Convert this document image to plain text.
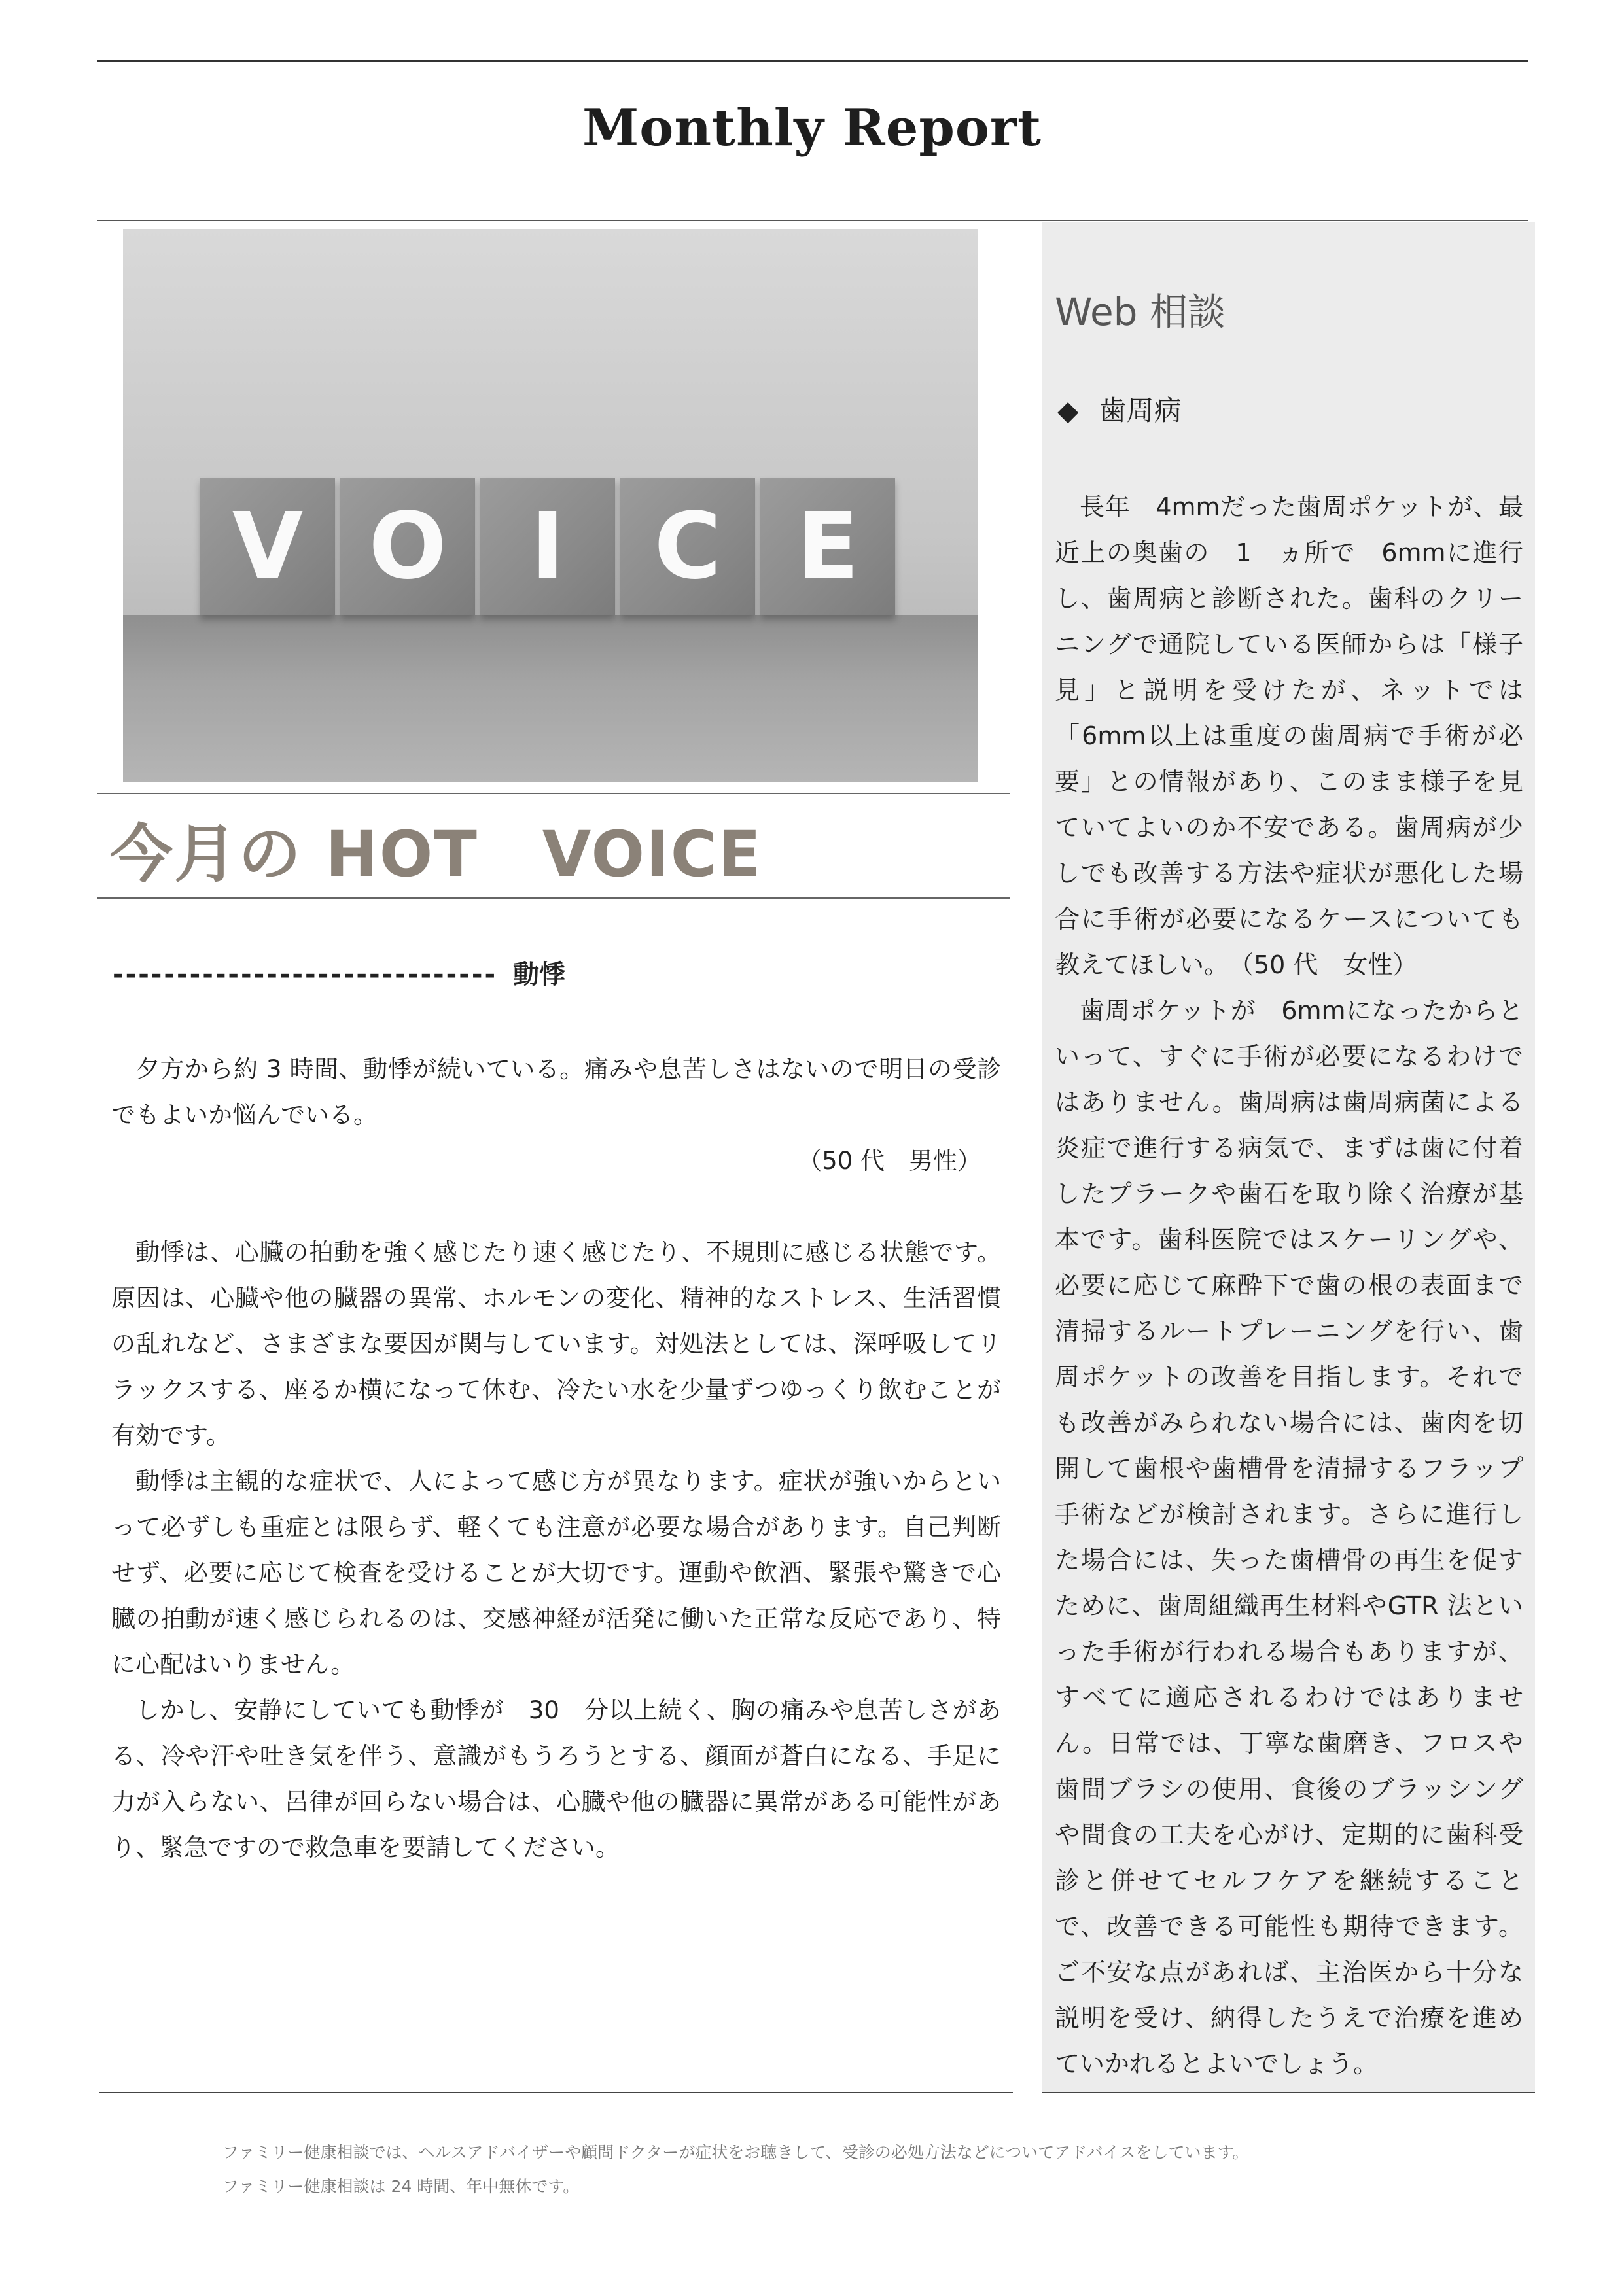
Monthly Report
V O I C E
今月の HOT　VOICE
------------------------------ 動悸
夕方から約 3 時間、動悸が続いている。痛みや息苦しさはないので明日の受診でもよいか悩んでいる。
（50 代　男性）

動悸は、心臓の拍動を強く感じたり速く感じたり、不規則に感じる状態です。原因は、心臓や他の臓器の異常、ホルモンの変化、精神的なストレス、生活習慣の乱れなど、さまざまな要因が関与しています。対処法としては、深呼吸してリラックスする、座るか横になって休む、冷たい水を少量ずつゆっくり飲むことが有効です。

動悸は主観的な症状で、人によって感じ方が異なります。症状が強いからといって必ずしも重症とは限らず、軽くても注意が必要な場合があります。自己判断せず、必要に応じて検査を受けることが大切です。運動や飲酒、緊張や驚きで心臓の拍動が速く感じられるのは、交感神経が活発に働いた正常な反応であり、特に心配はいりません。

しかし、安静にしていても動悸が　30　分以上続く、胸の痛みや息苦しさがある、冷や汗や吐き気を伴う、意識がもうろうとする、顔面が蒼白になる、手足に力が入らない、呂律が回らない場合は、心臓や他の臓器に異常がある可能性があり、緊急ですので救急車を要請してください。

Web 相談
◆ 歯周病
長年　4mmだった歯周ポケットが、最近上の奥歯の　1　ヵ所で　6mmに進行し、歯周病と診断された。歯科のクリーニングで通院している医師からは「様子見」と説明を受けたが、ネットでは「6mm以上は重度の歯周病で手術が必要」との情報があり、このまま様子を見ていてよいのか不安である。歯周病が少しでも改善する方法や症状が悪化した場合に手術が必要になるケースについても教えてほしい。　（50 代　女性）
歯周ポケットが　6mmになったからといって、すぐに手術が必要になるわけではありません。歯周病は歯周病菌による炎症で進行する病気で、まずは歯に付着したプラークや歯石を取り除く治療が基本です。歯科医院ではスケーリングや、必要に応じて麻酔下で歯の根の表面まで清掃するルートプレーニングを行い、歯周ポケットの改善を目指します。それでも改善がみられない場合には、歯肉を切開して歯根や歯槽骨を清掃するフラップ手術などが検討されます。さらに進行した場合には、失った歯槽骨の再生を促すために、歯周組織再生材料やGTR 法といった手術が行われる場合もありますが、すべてに適応されるわけではありません。日常では、丁寧な歯磨き、フロスや歯間ブラシの使用、食後のブラッシングや間食の工夫を心がけ、定期的に歯科受診と併せてセルフケアを継続することで、改善できる可能性も期待できます。ご不安な点があれば、主治医から十分な説明を受け、納得したうえで治療を進めていかれるとよいでしょう。
ファミリー健康相談では、ヘルスアドバイザーや顧問ドクターが症状をお聴きして、受診の必処方法などについてアドバイスをしています。
ファミリー健康相談は 24 時間、年中無休です。
